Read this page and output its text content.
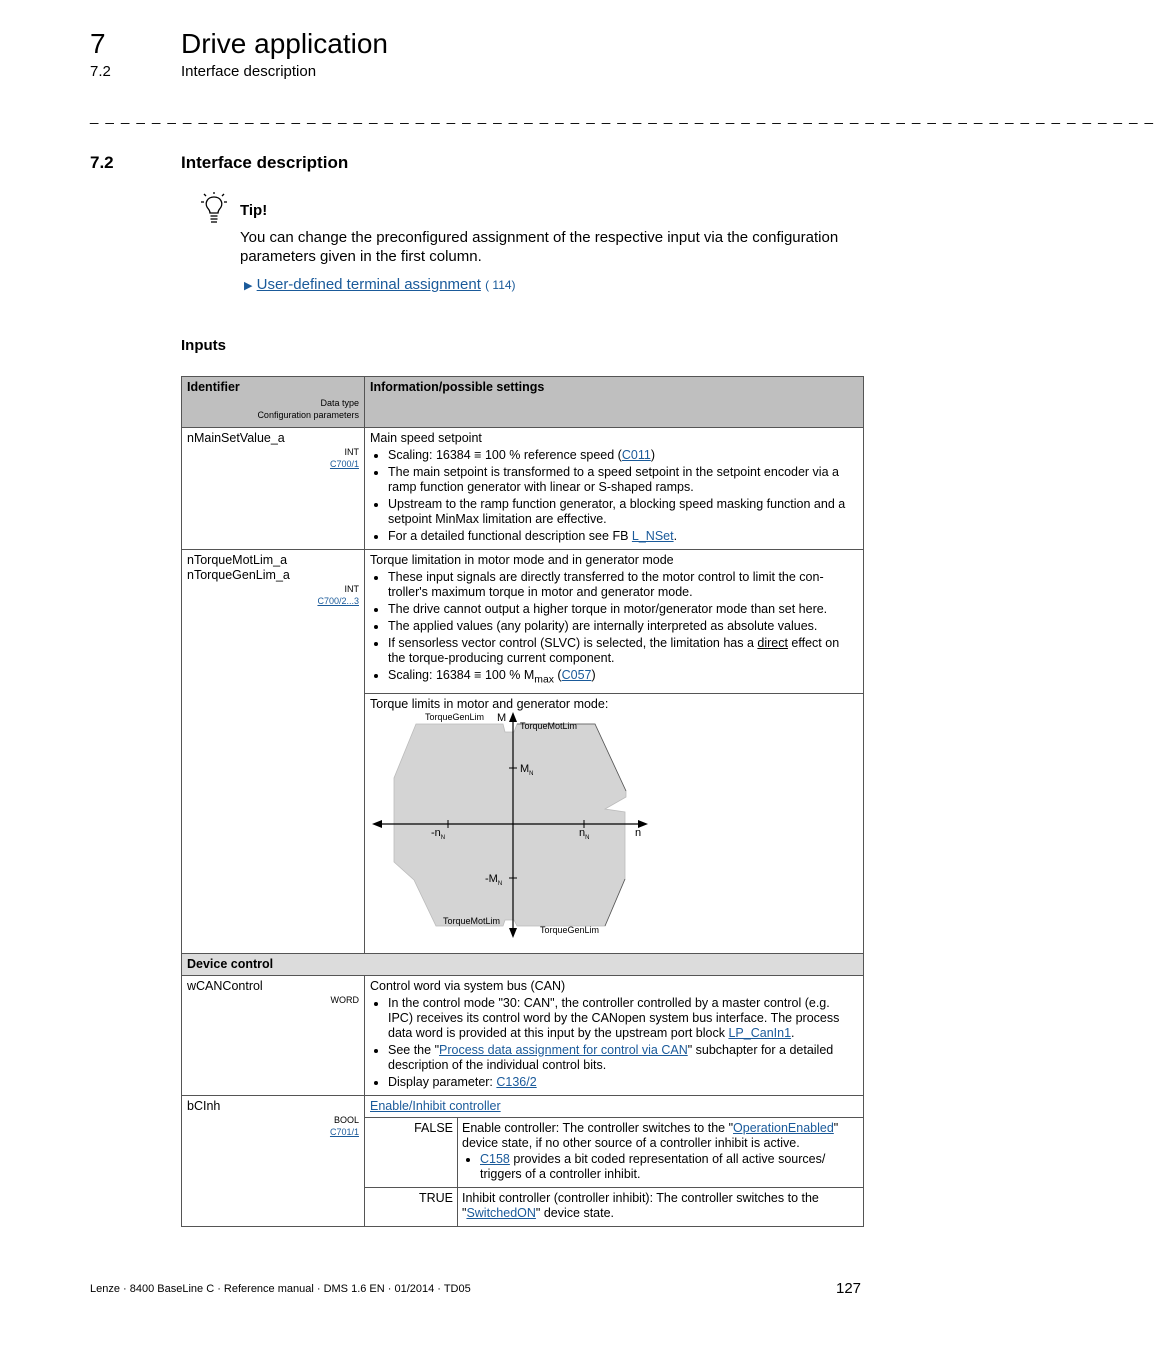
7	Drive application
7.2	Interface description
_ _ _ _ _ _ _ _ _ _ _ _ _ _ _ _ _ _ _ _ _ _ _ _ _ _ _ _ _ _ _ _ _ _ _ _ _ _ _ _ _ _ _ _ _ _ _ _ _ _ _ _ _ _ _ _ _ _ _ _ _ _ _ _ _ _ _ _ _
7.2	Interface description
Tip!
You can change the preconfigured assignment of the respective input via the configuration parameters given in the first column.
▶ User-defined terminal assignment ( 114)
Inputs
Identifier
Data type
Configuration parameters
	Information/possible settings

nMainSetValue_a
INT
C700/1

Main speed setpoint
• Scaling: 16384 ≡ 100 % reference speed (C011)
• The main setpoint is transformed to a speed setpoint in the setpoint encoder via a ramp function generator with linear or S-shaped ramps.
• Upstream to the ramp function generator, a blocking speed masking function and a setpoint MinMax limitation are effective.
• For a detailed functional description see FB L_NSet.

nTorqueMotLim_a
nTorqueGenLim_a
INT
C700/2...3

Torque limitation in motor mode and in generator mode
• These input signals are directly transferred to the motor control to limit the con-troller's maximum torque in motor and generator mode.
• The drive cannot output a higher torque in motor/generator mode than set here.
• The applied values (any polarity) are internally interpreted as absolute values.
• If sensorless vector control (SLVC) is selected, the limitation has a direct effect on the torque-producing current component.
• Scaling: 16384 ≡ 100 % $M_{max}$ (C057)

Torque limits in motor and generator mode:
TorqueGenLim M
TorqueMotLim
$M_N$
$-n_N$	$n_N$	n
$-M_N$
TorqueMotLim
TorqueGenLim

Device control

wCANControl
WORD

Control word via system bus (CAN)
• In the control mode "30: CAN", the controller controlled by a master control (e.g. IPC) receives its control word by the CANopen system bus interface. The process data word is provided at this input by the upstream port block LP_CanIn1.
• See the "Process data assignment for control via CAN" subchapter for a detailed description of the individual control bits.
• Display parameter: C136/2

bCInh
BOOL
C701/1

Enable/Inhibit controller
FALSE	Enable controller: The controller switches to the "OperationEnabled" device state, if no other source of a controller inhibit is active.
• C158 provides a bit coded representation of all active sources/ triggers of a controller inhibit.

TRUE	Inhibit controller (controller inhibit): The controller switches to the "SwitchedON" device state.
Lenze · 8400 BaseLine C · Reference manual · DMS 1.6 EN · 01/2014 · TD05	127
